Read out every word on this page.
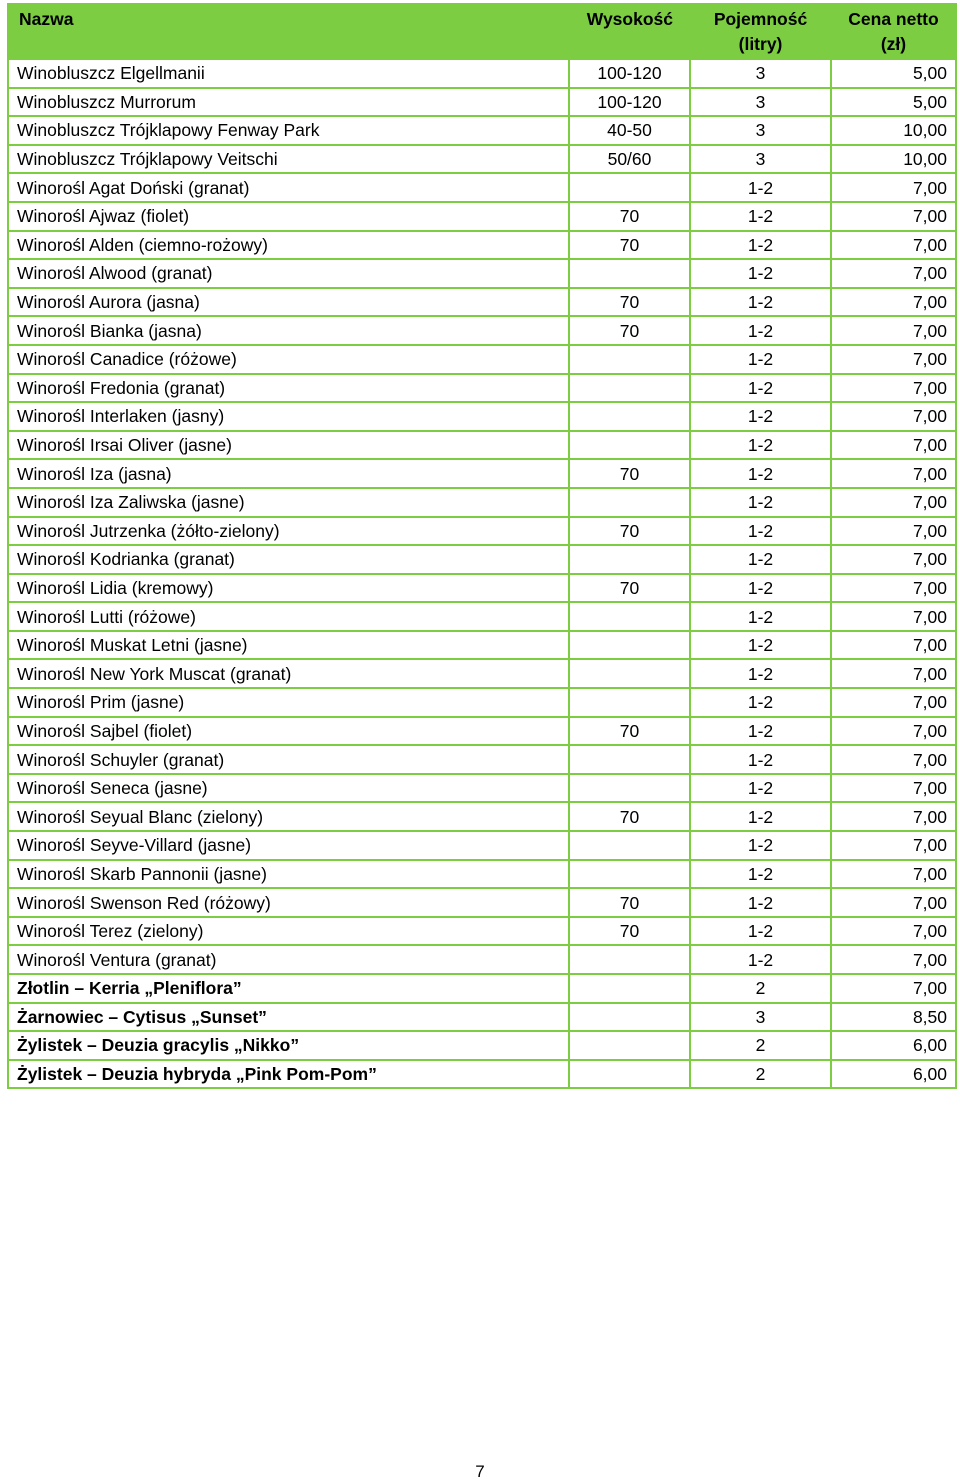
Nazwa	Wysokość	Pojemność (litry)	Cena netto (zł)
Winobluszcz Elgellmanii	100-120	3	5,00
Winobluszcz Murrorum	100-120	3	5,00
Winobluszcz Trójklapowy Fenway Park	40-50	3	10,00
Winobluszcz Trójklapowy Veitschi	50/60	3	10,00
Winorośl Agat Doński (granat)		1-2	7,00
Winorośl Ajwaz (fiolet)	70	1-2	7,00
Winorośl Alden (ciemno-rożowy)	70	1-2	7,00
Winorośl Alwood (granat)		1-2	7,00
Winorośl Aurora (jasna)	70	1-2	7,00
Winorośl Bianka (jasna)	70	1-2	7,00
Winorośl Canadice (różowe)		1-2	7,00
Winorośl Fredonia (granat)		1-2	7,00
Winorośl Interlaken (jasny)		1-2	7,00
Winorośl Irsai Oliver (jasne)		1-2	7,00
Winorośl Iza (jasna)	70	1-2	7,00
Winorośl Iza Zaliwska (jasne)		1-2	7,00
Winorośl Jutrzenka (żółto-zielony)	70	1-2	7,00
Winorośl Kodrianka (granat)		1-2	7,00
Winorośl Lidia (kremowy)	70	1-2	7,00
Winorośl Lutti (różowe)		1-2	7,00
Winorośl Muskat Letni (jasne)		1-2	7,00
Winorośl New York Muscat (granat)		1-2	7,00
Winorośl Prim (jasne)		1-2	7,00
Winorośl Sajbel (fiolet)	70	1-2	7,00
Winorośl Schuyler (granat)		1-2	7,00
Winorośl Seneca (jasne)		1-2	7,00
Winorośl Seyual Blanc (zielony)	70	1-2	7,00
Winorośl Seyve-Villard (jasne)		1-2	7,00
Winorośl Skarb Pannonii (jasne)		1-2	7,00
Winorośl Swenson Red (różowy)	70	1-2	7,00
Winorośl Terez (zielony)	70	1-2	7,00
Winorośl Ventura (granat)		1-2	7,00
Złotlin – Kerria „Pleniflora”		2	7,00
Żarnowiec – Cytisus „Sunset”		3	8,50
Żylistek – Deuzia gracylis „Nikko”		2	6,00
Żylistek – Deuzia hybryda „Pink Pom-Pom”		2	6,00
7
